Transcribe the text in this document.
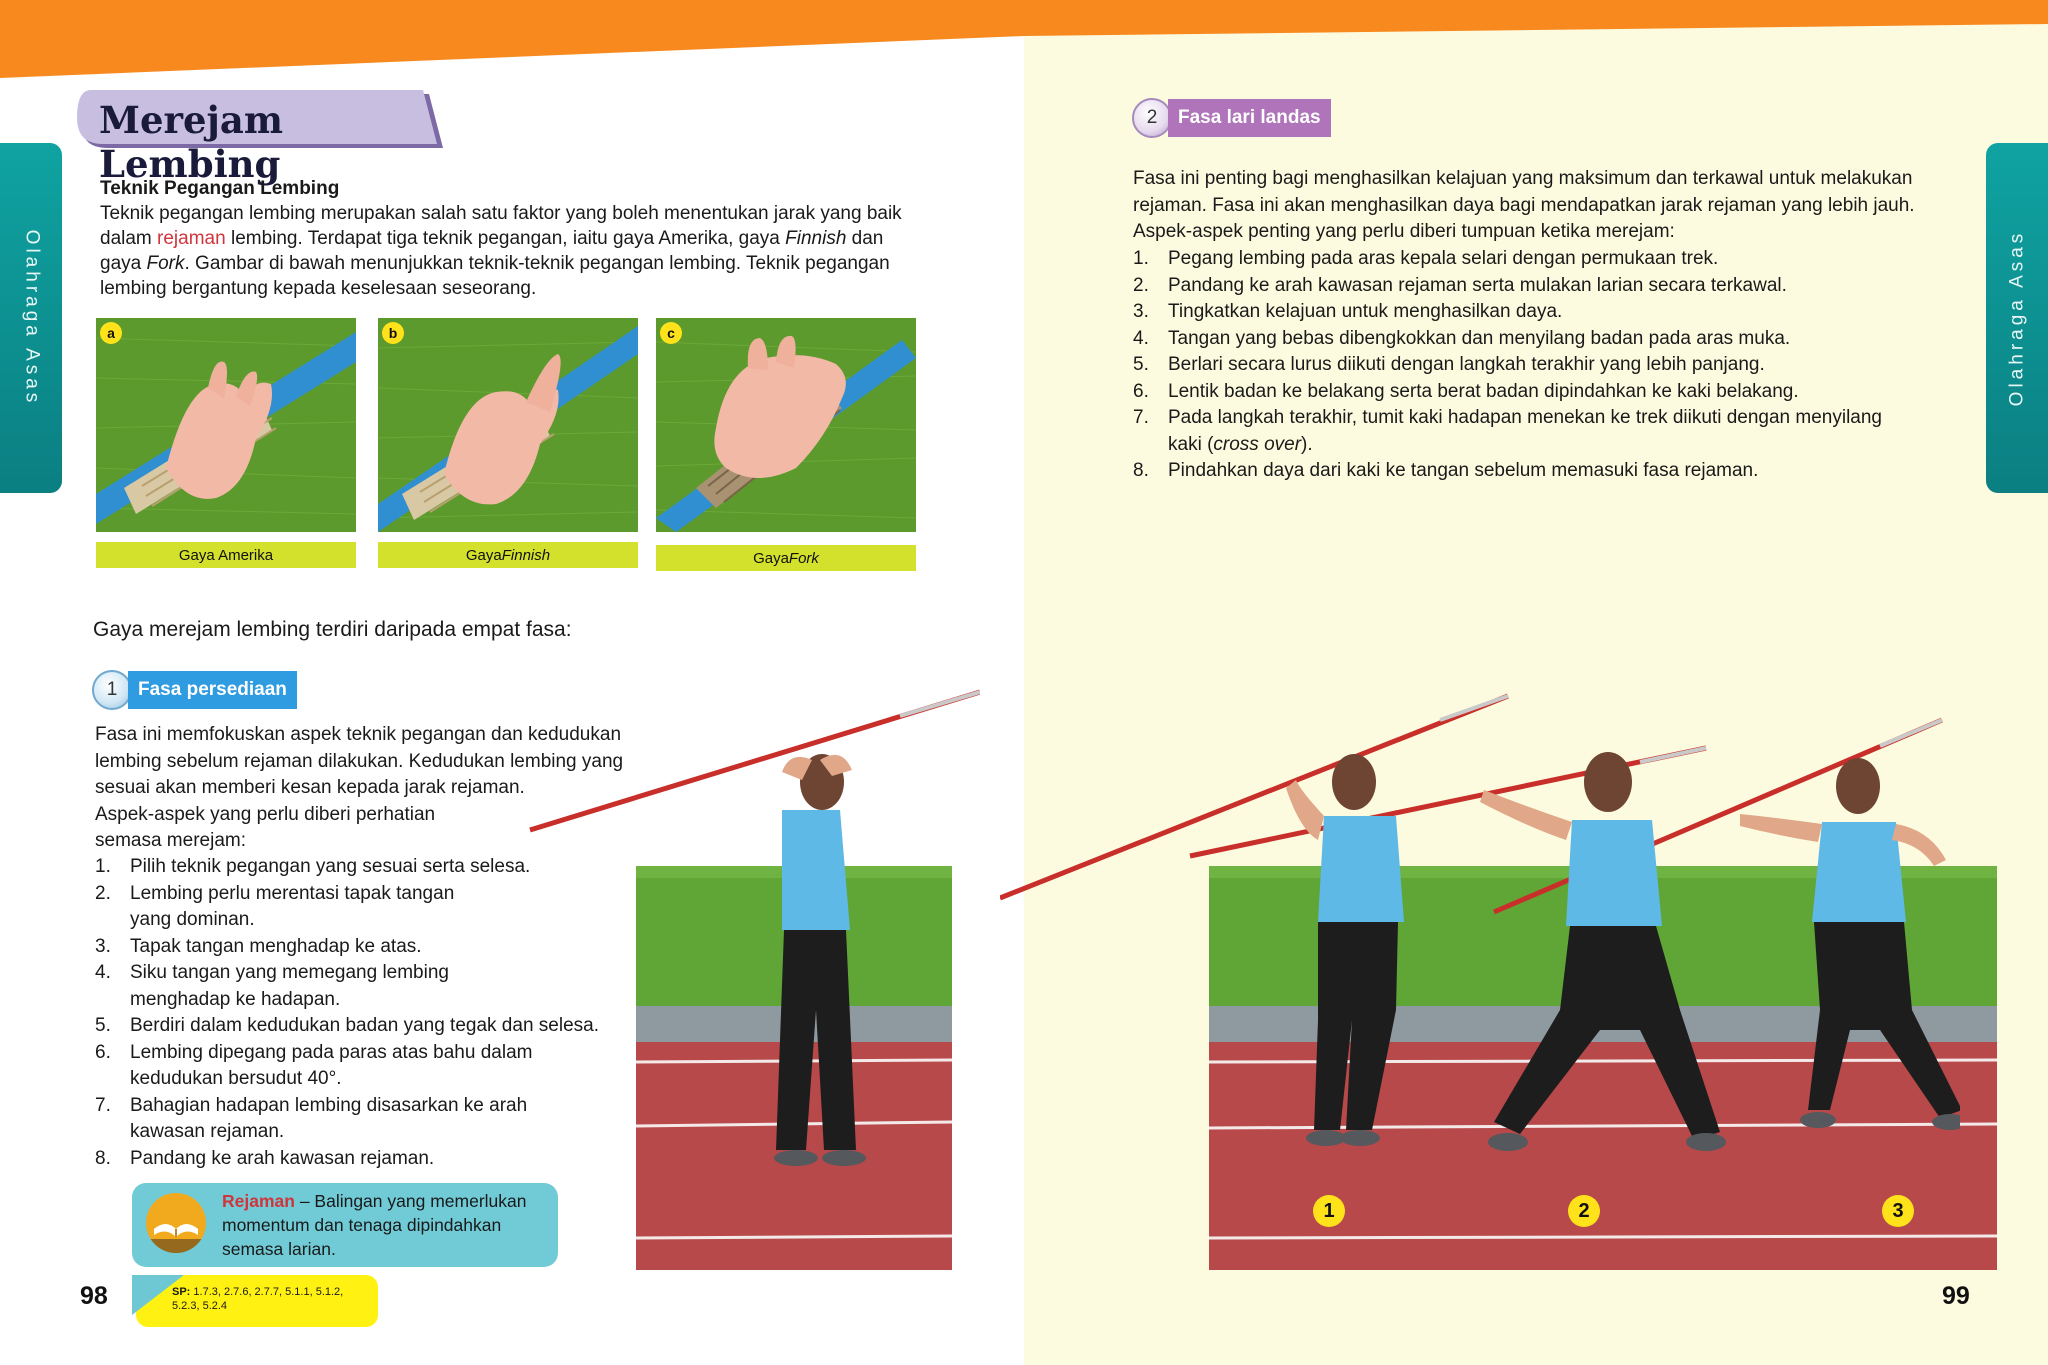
Olahraga Asas	Olahraga Asas
Merejam Lembing
Teknik Pegangan Lembing
Teknik pegangan lembing merupakan salah satu faktor yang boleh menentukan jarak yang baik
dalam rejaman lembing. Terdapat tiga teknik pegangan, iaitu gaya Amerika, gaya Finnish dan
gaya Fork. Gambar di bawah menunjukkan teknik-teknik pegangan lembing. Teknik pegangan
lembing bergantung kepada keselesaan seseorang.
a
Gaya Amerika
b
Gaya Finnish
c
Gaya Fork
Gaya merejam lembing terdiri daripada empat fasa:
1	Fasa persediaan
Fasa ini memfokuskan aspek teknik pegangan dan kedudukan
lembing sebelum rejaman dilakukan. Kedudukan lembing yang
sesuai akan memberi kesan kepada jarak rejaman.
Aspek-aspek yang perlu diberi perhatian
semasa merejam:
1. Pilih teknik pegangan yang sesuai serta selesa.
2. Lembing perlu merentasi tapak tangan
yang dominan.
3. Tapak tangan menghadap ke atas.
4. Siku tangan yang memegang lembing
menghadap ke hadapan.
5. Berdiri dalam kedudukan badan yang tegak dan selesa.
6. Lembing dipegang pada paras atas bahu dalam
kedudukan bersudut 40°.
7. Bahagian hadapan lembing disasarkan ke arah
kawasan rejaman.
8. Pandang ke arah kawasan rejaman.
Rejaman – Balingan yang memerlukan
momentum dan tenaga dipindahkan
semasa larian.
SP: 1.7.3, 2.7.6, 2.7.7, 5.1.1, 5.1.2,
5.2.3, 5.2.4
98	99
2	Fasa lari landas
Fasa ini penting bagi menghasilkan kelajuan yang maksimum dan terkawal untuk melakukan
rejaman. Fasa ini akan menghasilkan daya bagi mendapatkan jarak rejaman yang lebih jauh.
Aspek-aspek penting yang perlu diberi tumpuan ketika merejam:
1. Pegang lembing pada aras kepala selari dengan permukaan trek.
2. Pandang ke arah kawasan rejaman serta mulakan larian secara terkawal.
3. Tingkatkan kelajuan untuk menghasilkan daya.
4. Tangan yang bebas dibengkokkan dan menyilang badan pada aras muka.
5. Berlari secara lurus diikuti dengan langkah terakhir yang lebih panjang.
6. Lentik badan ke belakang serta berat badan dipindahkan ke kaki belakang.
7. Pada langkah terakhir, tumit kaki hadapan menekan ke trek diikuti dengan menyilang
kaki (cross over).
8. Pindahkan daya dari kaki ke tangan sebelum memasuki fasa rejaman.
1	2	3
